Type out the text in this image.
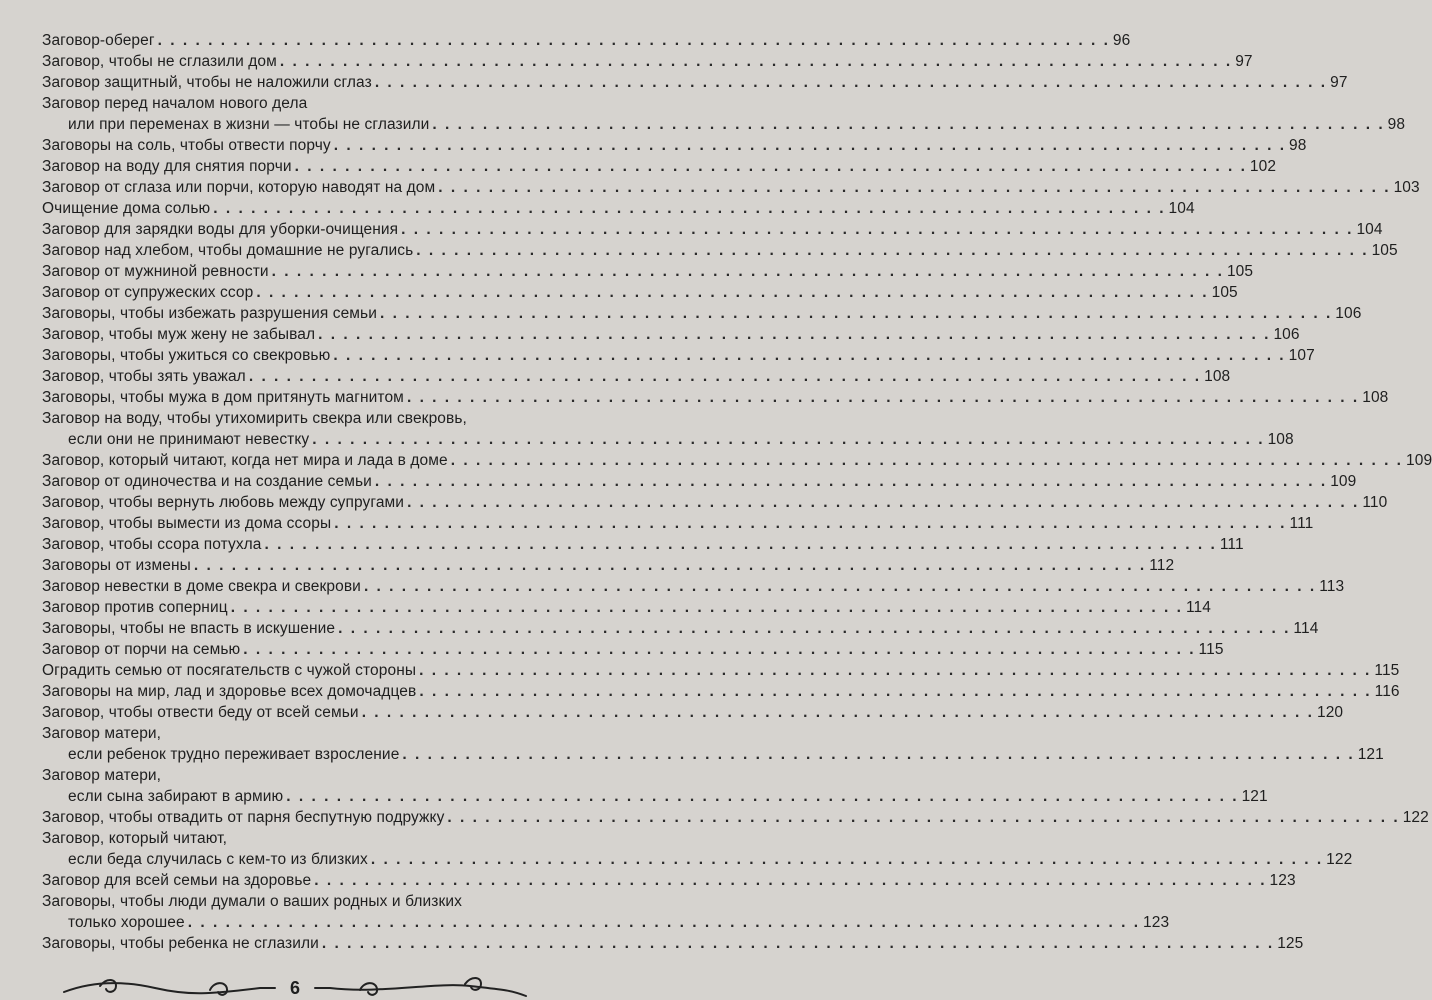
Заговор-оберег . . .	96
Заговор, чтобы не сглазили дом . . .	97
Заговор защитный, чтобы не наложили сглаз . . .	97
Заговор перед началом нового дела
или при переменах в жизни — чтобы не сглазили . . .	98
Заговоры на соль, чтобы отвести порчу . . .	98
Заговор на воду для снятия порчи . . .	102
Заговор от сглаза или порчи, которую наводят на дом . . .	103
Очищение дома солью . . .	104
Заговор для зарядки воды для уборки-очищения . . .	104
Заговор над хлебом, чтобы домашние не ругались . . .	105
Заговор от мужниной ревности . . .	105
Заговор от супружеских ссор . . .	105
Заговоры, чтобы избежать разрушения семьи . . .	106
Заговор, чтобы муж жену не забывал . . .	106
Заговоры, чтобы ужиться со свекровью . . .	107
Заговор, чтобы зять уважал . . .	108
Заговоры, чтобы мужа в дом притянуть магнитом . . .	108
Заговор на воду, чтобы утихомирить свекра или свекровь,
если они не принимают невестку . . .	108
Заговор, который читают, когда нет мира и лада в доме . . .	109
Заговор от одиночества и на создание семьи . . .	109
Заговор, чтобы вернуть любовь между супругами . . .	110
Заговор, чтобы вымести из дома ссоры . . .	111
Заговор, чтобы ссора потухла . . .	111
Заговоры от измены . . .	112
Заговор невестки в доме свекра и свекрови . . .	113
Заговор против соперниц . . .	114
Заговоры, чтобы не впасть в искушение . . .	114
Заговор от порчи на семью . . .	115
Оградить семью от посягательств с чужой стороны . . .	115
Заговоры на мир, лад и здоровье всех домочадцев . . .	116
Заговор, чтобы отвести беду от всей семьи . . .	120
Заговор матери,
если ребенок трудно переживает взросление . . .	121
Заговор матери,
если сына забирают в армию . . .	121
Заговор, чтобы отвадить от парня беспутную подружку . . .	122
Заговор, который читают,
если беда случилась с кем-то из близких . . .	122
Заговор для всей семьи на здоровье . . .	123
Заговоры, чтобы люди думали о ваших родных и близких
только хорошее . . .	123
Заговоры, чтобы ребенка не сглазили . . .	125
6
